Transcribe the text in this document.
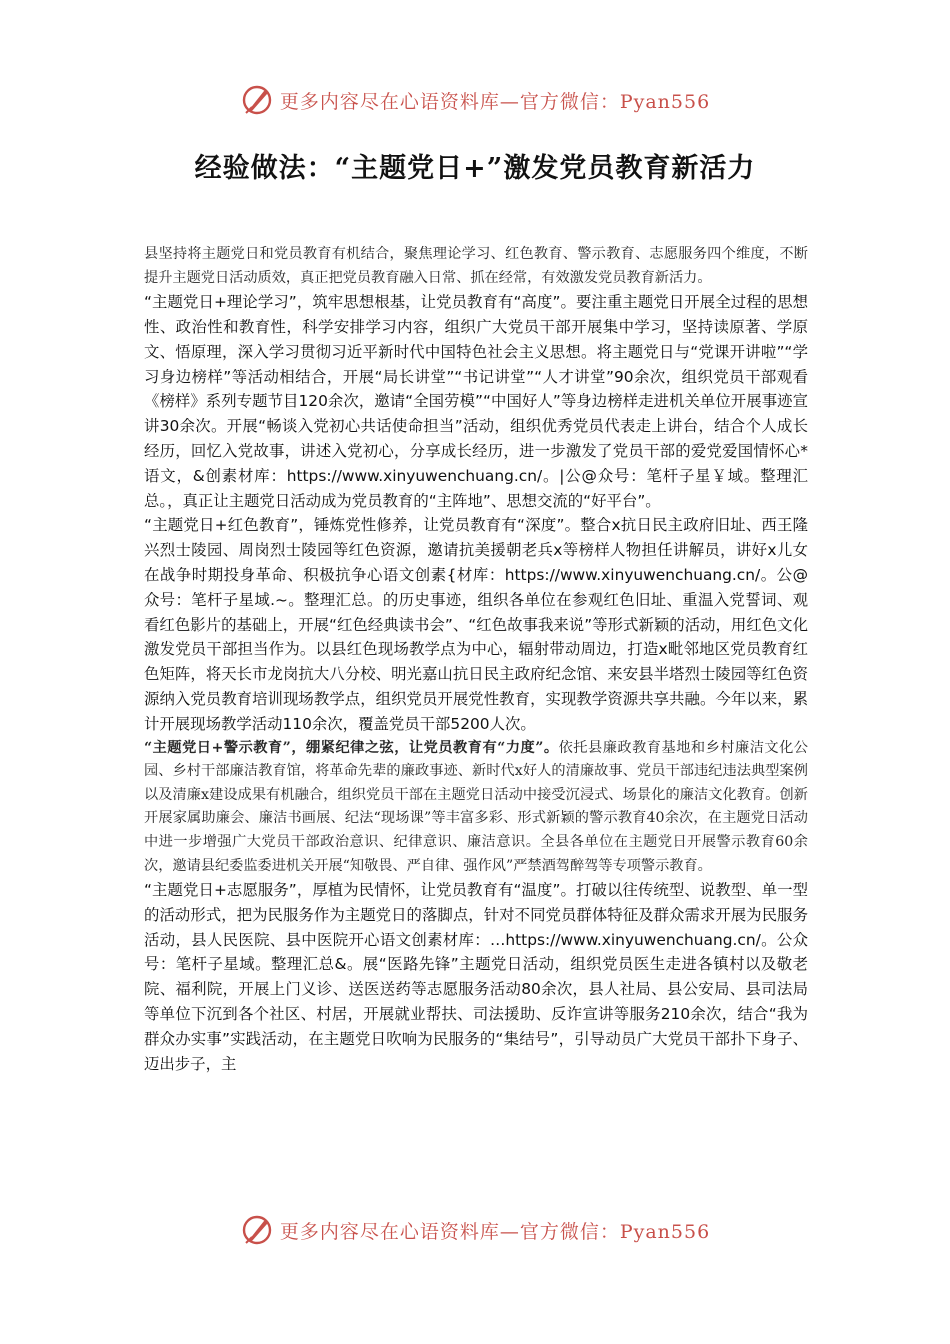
更多内容尽在心语资料库—官方微信：Pyan556
经验做法：“主题党日+”激发党员教育新活力

县坚持将主题党日和党员教育有机结合，聚焦理论学习、红色教育、警示教育、志愿服务四个维度，不断提升主题党日活动质效，真正把党员教育融入日常、抓在经常，有效激发党员教育新活力。

“主题党日+理论学习”，筑牢思想根基，让党员教育有“高度”。要注重主题党日开展全过程的思想性、政治性和教育性，科学安排学习内容，组织广大党员干部开展集中学习，坚持读原著、学原文、悟原理，深入学习贯彻习近平新时代中国特色社会主义思想。将主题党日与“党课开讲啦”“学习身边榜样”等活动相结合，开展“局长讲堂”“书记讲堂”“人才讲堂”90余次，组织党员干部观看《榜样》系列专题节目120余次，邀请“全国劳模”“中国好人”等身边榜样走进机关单位开展事迹宣讲30余次。开展“畅谈入党初心共话使命担当”活动，组织优秀党员代表走上讲台，结合个人成长经历，回忆入党故事，讲述入党初心，分享成长经历，进一步激发了党员干部的爱党爱国情怀心*语文，&创素材库：https://www.xinyuwenchuang.cn/。|公@众号：笔杆子星￥域。整理汇总。，真正让主题党日活动成为党员教育的“主阵地”、思想交流的“好平台”。

“主题党日+红色教育”，锤炼党性修养，让党员教育有“深度”。整合x抗日民主政府旧址、西王隆兴烈士陵园、周岗烈士陵园等红色资源，邀请抗美援朝老兵x等榜样人物担任讲解员，讲好x儿女在战争时期投身革命、积极抗争心语文创素{材库：https://www.xinyuwenchuang.cn/。公@众号：笔杆子星域.~。整理汇总。的历史事迹，组织各单位在参观红色旧址、重温入党誓词、观看红色影片的基础上，开展“红色经典读书会”、“红色故事我来说”等形式新颖的活动，用红色文化激发党员干部担当作为。以县红色现场教学点为中心，辐射带动周边，打造x毗邻地区党员教育红色矩阵，将天长市龙岗抗大八分校、明光嘉山抗日民主政府纪念馆、来安县半塔烈士陵园等红色资源纳入党员教育培训现场教学点，组织党员开展党性教育，实现教学资源共享共融。今年以来，累计开展现场教学活动110余次，覆盖党员干部5200人次。

“主题党日+警示教育”，绷紧纪律之弦，让党员教育有“力度”。依托县廉政教育基地和乡村廉洁文化公园、乡村干部廉洁教育馆，将革命先辈的廉政事迹、新时代x好人的清廉故事、党员干部违纪违法典型案例以及清廉x建设成果有机融合，组织党员干部在主题党日活动中接受沉浸式、场景化的廉洁文化教育。创新开展家属助廉会、廉洁书画展、纪法“现场课”等丰富多彩、形式新颖的警示教育40余次，在主题党日活动中进一步增强广大党员干部政治意识、纪律意识、廉洁意识。全县各单位在主题党日开展警示教育60余次，邀请县纪委监委进机关开展“知敬畏、严自律、强作风”严禁酒驾醉驾等专项警示教育。

“主题党日+志愿服务”，厚植为民情怀，让党员教育有“温度”。打破以往传统型、说教型、单一型的活动形式，把为民服务作为主题党日的落脚点，针对不同党员群体特征及群众需求开展为民服务活动，县人民医院、县中医院开心语文创素材库：…https://www.xinyuwenchuang.cn/。公众号：笔杆子星域。整理汇总&。展“医路先锋”主题党日活动，组织党员医生走进各镇村以及敬老院、福利院，开展上门义诊、送医送药等志愿服务活动80余次，县人社局、县公安局、县司法局等单位下沉到各个社区、村居，开展就业帮扶、司法援助、反诈宣讲等服务210余次，结合“我为群众办实事”实践活动，在主题党日吹响为民服务的“集结号”，引导动员广大党员干部扑下身子、迈出步子，主

更多内容尽在心语资料库—官方微信：Pyan556
